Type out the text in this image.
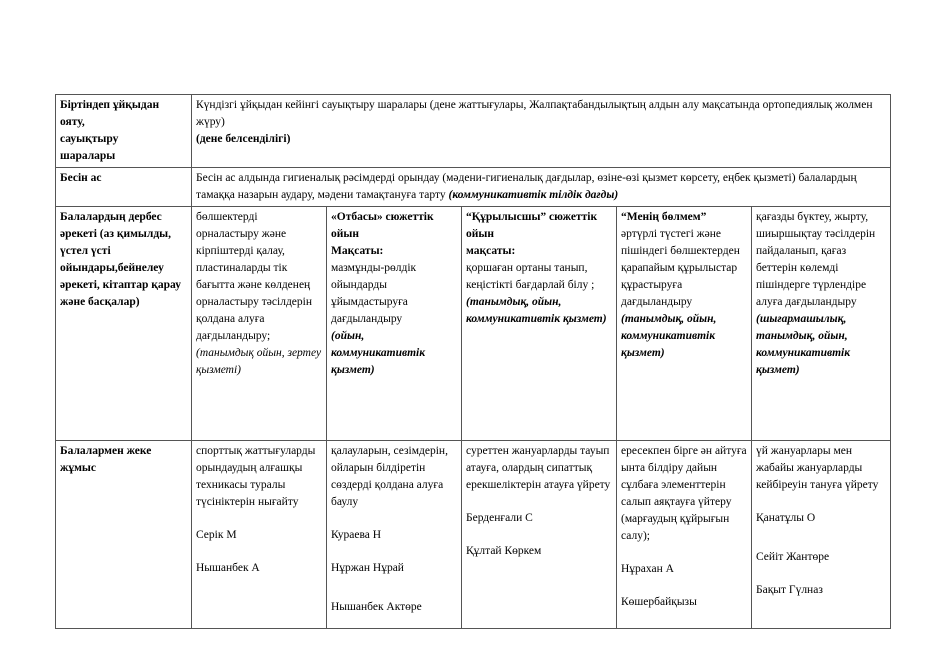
Біртіндеп ұйқыдан
ояту,
сауықтыру
шаралары	Күндізгі ұйқыдан кейінгі сауықтыру шаралары (дене жаттығулары, Жалпақтабандылықтың алдын алу мақсатында ортопедиялық жолмен жүру)
(дене белсенділігі)				

Бесін ас	Бесін ас алдында гигиеналық рәсімдерді орындау (мәдени-гигиеналық дағдылар, өзіне-өзі қызмет көрсету, еңбек қызметі) балалардың тамаққа назарын аудару, мәдени тамақтануға тарту (коммуникативтік тілдік дағды)				
Балалардың дербес әрекеті (аз қимылды, үстел үсті ойындары,бейнелеу әрекеті, кітаптар қарау және басқалар)	бөлшектерді орналастыру және кірпіштерді қалау, пластиналарды тік бағытта және көлденең орналастыру тәсілдерін қолдана алуға дағдыландыру;
(танымдық ойын, зертеу қызметі)	«Отбасы» сюжеттік ойын
Мақсаты:
мазмұнды-рөлдік ойындарды ұйымдастыруға дағдыландыру
(ойын, коммуникативтік қызмет)	“Құрылысшы” сюжеттік ойын
мақсаты:
қоршаған ортаны танып, кеңістікті бағдарлай білу ;
(танымдық, ойын, коммуникативтік қызмет)	“Менің бөлмем”
әртүрлі түстегі және пішіндегі бөлшектерден қарапайым құрылыстар құрастыруға дағдыландыру
(танымдық, ойын, коммуникативтік қызмет)	қағазды бүктеу, жырту, шиыршықтау тәсілдерін пайдаланып, қағаз беттерін көлемді пішіндерге түрлендіре алуға дағдыландыру
(шығармашылық, танымдық, ойын, коммуникативтік қызмет)

Балалармен жеке жұмыс	спорттық жаттығуларды орындаудың алғашқы техникасы туралы түсініктерін нығайту
Серік М
Нышанбек А	қалауларын, сезімдерін, ойларын білдіретін сөздерді қолдана алуға баулу
Кураева Н
Нұржан Нұрай
Нышанбек Актөре	суреттен жануарларды тауып атауға, олардың сипаттық ерекшеліктерін атауға үйрету
Берденғали С
Құлтай Көркем	ересекпен бірге ән айтуға ынта білдіру дайын сұлбаға элементтерін салып аяқтауға үйтеру (марғаудың құйрығын салу);
Нұрахан А
Көшербайқызы	үй жануарлары мен жабайы жануарларды кейбіреуін тануға үйрету
Қанатұлы О
Сейіт Жантөре
Бақыт Гүлназ
